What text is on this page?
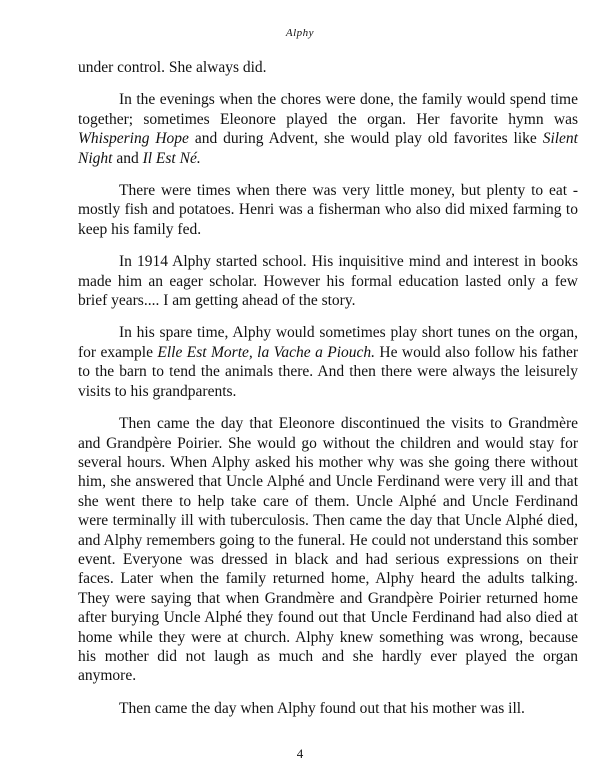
Alphy

under control. She always did.

In the evenings when the chores were done, the family would spend time together; sometimes Eleonore played the organ. Her favorite hymn was Whispering Hope and during Advent, she would play old favorites like Silent Night and Il Est Né.

There were times when there was very little money, but plenty to eat - mostly fish and potatoes. Henri was a fisherman who also did mixed farming to keep his family fed.

In 1914 Alphy started school. His inquisitive mind and interest in books made him an eager scholar. However his formal education lasted only a few brief years.... I am getting ahead of the story.

In his spare time, Alphy would sometimes play short tunes on the organ, for example Elle Est Morte, la Vache a Piouch. He would also follow his father to the barn to tend the animals there. And then there were always the leisurely visits to his grandparents.

Then came the day that Eleonore discontinued the visits to Grandmère and Grandpère Poirier. She would go without the children and would stay for several hours. When Alphy asked his mother why was she going there without him, she answered that Uncle Alphé and Uncle Ferdinand were very ill and that she went there to help take care of them. Uncle Alphé and Uncle Ferdinand were terminally ill with tuberculosis. Then came the day that Uncle Alphé died, and Alphy remembers going to the funeral. He could not understand this somber event. Everyone was dressed in black and had serious expressions on their faces. Later when the family returned home, Alphy heard the adults talking. They were saying that when Grandmère and Grandpère Poirier returned home after burying Uncle Alphé they found out that Uncle Ferdinand had also died at home while they were at church. Alphy knew something was wrong, because his mother did not laugh as much and she hardly ever played the organ anymore.

Then came the day when Alphy found out that his mother was ill.

4
